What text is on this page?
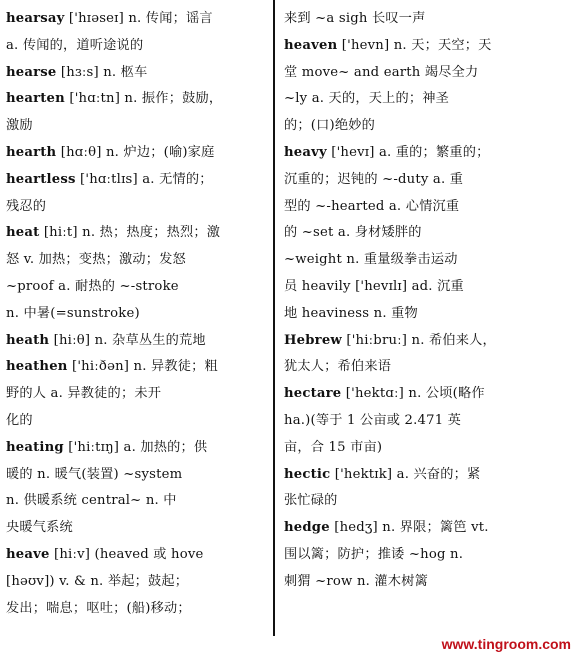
hearsay ['hɪəseɪ] n. 传闻；谣言
a. 传闻的，道听途说的
hearse [hɜːs] n. 柩车
hearten ['hɑːtn] n. 振作；鼓励，
激励
hearth [hɑːθ] n. 炉边；(喻)家庭
heartless ['hɑːtlɪs] a. 无情的；
残忍的
heat [hiːt] n. 热；热度；热烈；激
怒 v. 加热；变热；激动；发怒
~proof a. 耐热的 ~-stroke
n. 中暑(=sunstroke)
heath [hiːθ] n. 杂草丛生的荒地
heathen ['hiːðən] n. 异教徒；粗
野的人 a. 异教徒的；未开
化的
heating ['hiːtɪŋ] a. 加热的；供
暖的 n. 暖气(装置) ~system
n. 供暖系统 central~ n. 中
央暖气系统
heave [hiːv] (heaved 或 hove
[həʊv]) v. & n. 举起；鼓起；
发出；喘息；呕吐；(船)移动；
来到 ~a sigh 长叹一声
heaven ['hevn] n. 天；天空；天
堂 move~ and earth 竭尽全力
~ly a. 天的，天上的；神圣
的；(口)绝妙的
heavy ['hevɪ] a. 重的；繁重的；
沉重的；迟钝的 ~-duty a. 重
型的 ~-hearted a. 心情沉重
的 ~set a. 身材矮胖的
~weight n. 重量级拳击运动
员 heavily ['hevɪlɪ] ad. 沉重
地 heaviness n. 重物
Hebrew ['hiːbruː] n. 希伯来人，
犹太人；希伯来语
hectare ['hektɑː] n. 公顷(略作
ha.)(等于 1 公亩或 2.471 英
亩，合 15 市亩)
hectic ['hektɪk] a. 兴奋的；紧
张忙碌的
hedge [hedʒ] n. 界限；篱笆 vt.
围以篱；防护；推诿 ~hog n.
刺猬 ~row n. 灌木树篱
www.tingroom.com
